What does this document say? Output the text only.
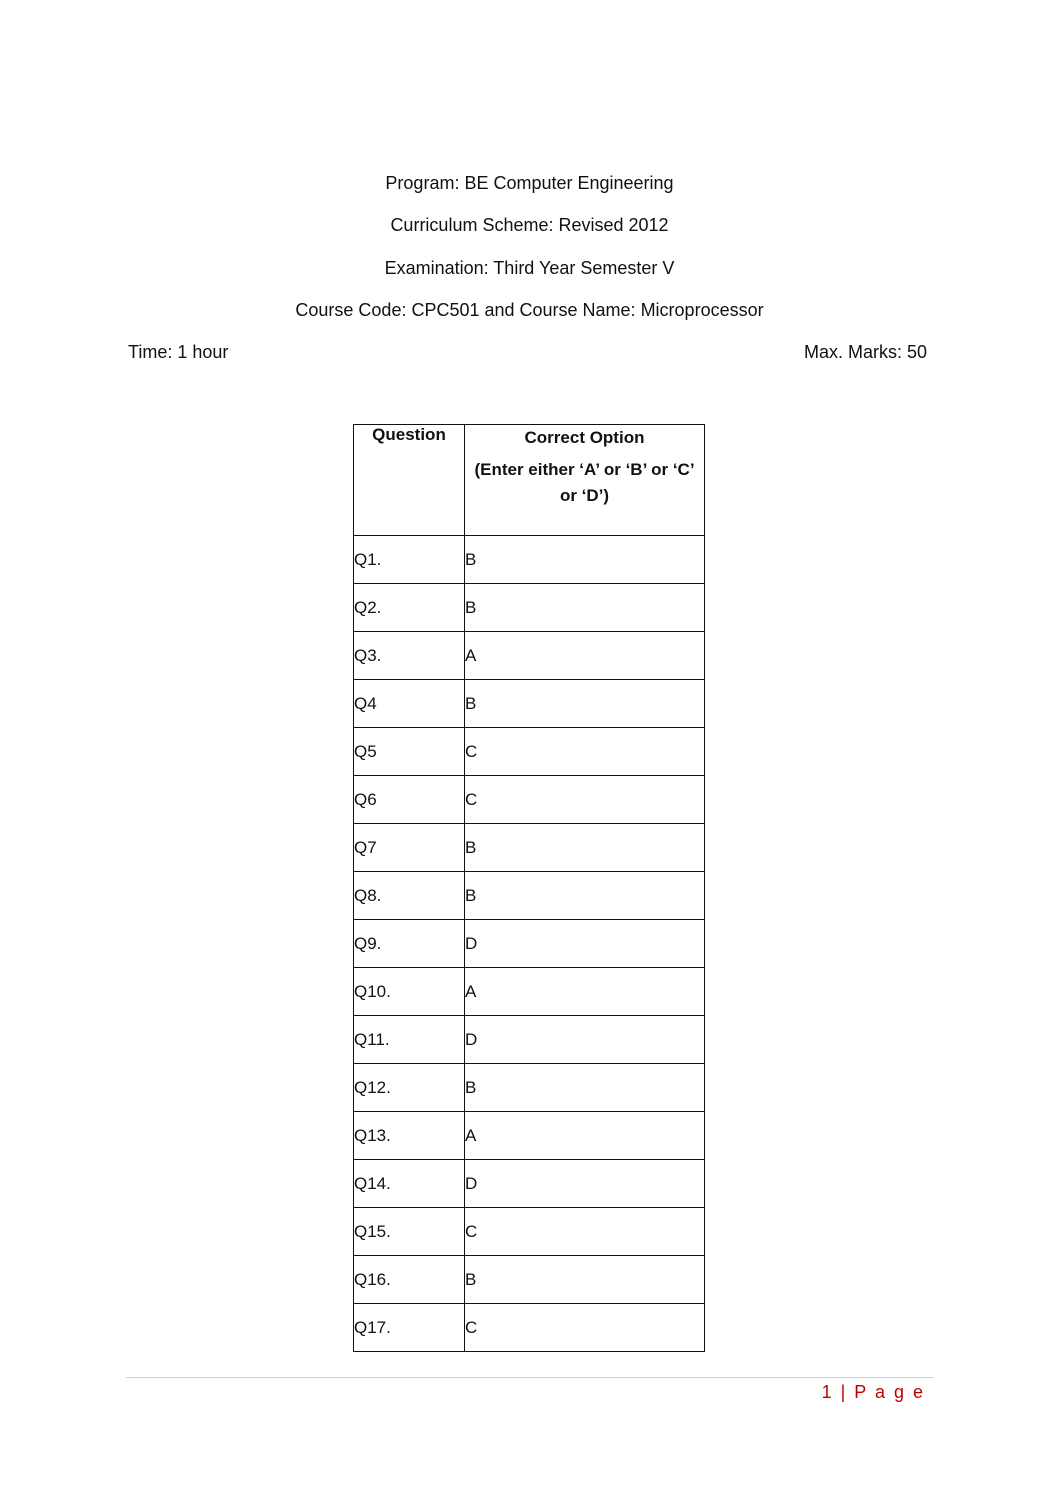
Program: BE Computer Engineering
Curriculum Scheme: Revised 2012
Examination: Third Year Semester V
Course Code: CPC501 and Course Name: Microprocessor
Time: 1 hour	Max. Marks: 50
Question	Correct Option
(Enter either ‘A’ or ‘B’ or ‘C’ or ‘D’)

Q1.	B
Q2.	B
Q3.	A
Q4	B
Q5	C
Q6	C
Q7	B
Q8.	B
Q9.	D
Q10.	A
Q11.	D
Q12.	B
Q13.	A
Q14.	D
Q15.	C
Q16.	B
Q17.	C
1 | P a g e
